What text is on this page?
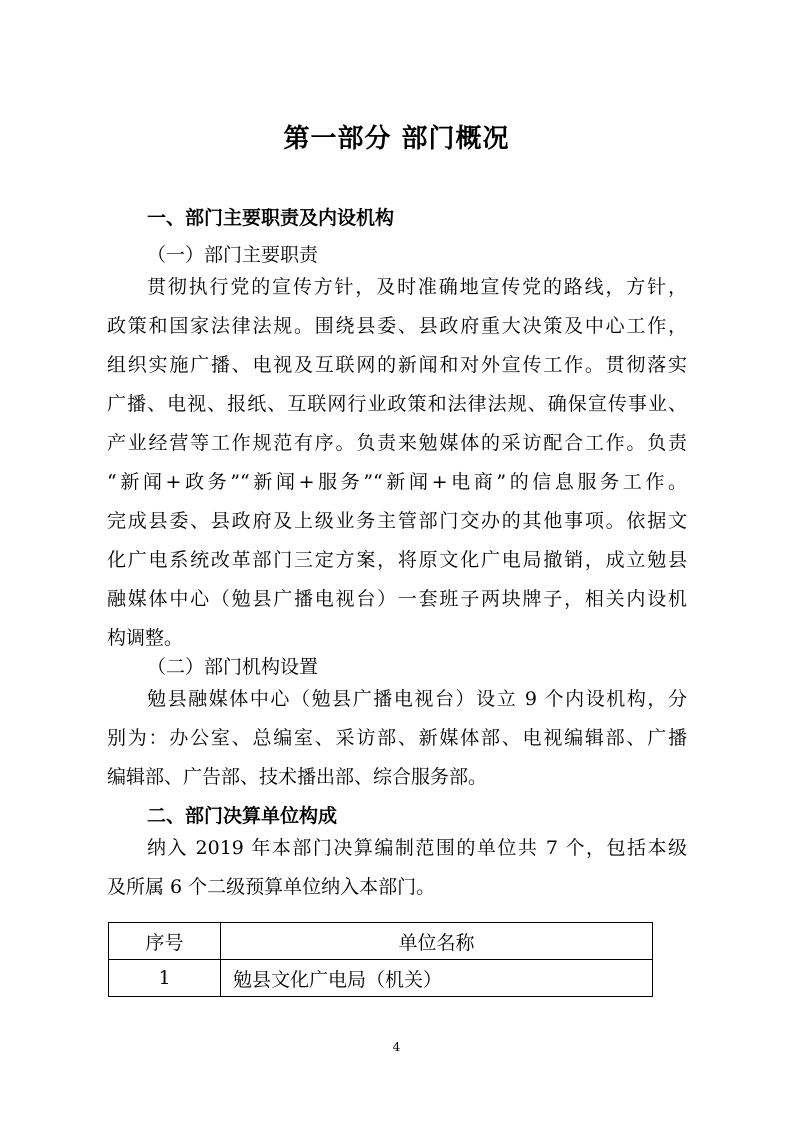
第一部分 部门概况
一、部门主要职责及内设机构
（一）部门主要职责
贯彻执行党的宣传方针，及时准确地宣传党的路线，方针，
政策和国家法律法规。围绕县委、县政府重大决策及中心工作，
组织实施广播、电视及互联网的新闻和对外宣传工作。贯彻落实
广播、电视、报纸、互联网行业政策和法律法规、确保宣传事业、
产业经营等工作规范有序。负责来勉媒体的采访配合工作。负责
“新闻+政务”“新闻+服务”“新闻+电商”的信息服务工作。
完成县委、县政府及上级业务主管部门交办的其他事项。依据文
化广电系统改革部门三定方案，将原文化广电局撤销，成立勉县
融媒体中心（勉县广播电视台）一套班子两块牌子，相关内设机
构调整。
（二）部门机构设置
勉县融媒体中心（勉县广播电视台）设立 9 个内设机构，分
别为：办公室、总编室、采访部、新媒体部、电视编辑部、广播
编辑部、广告部、技术播出部、综合服务部。
二、部门决算单位构成
纳入 2019 年本部门决算编制范围的单位共 7 个，包括本级
及所属 6 个二级预算单位纳入本部门。
序号	单位名称
1	勉县文化广电局（机关）
4
